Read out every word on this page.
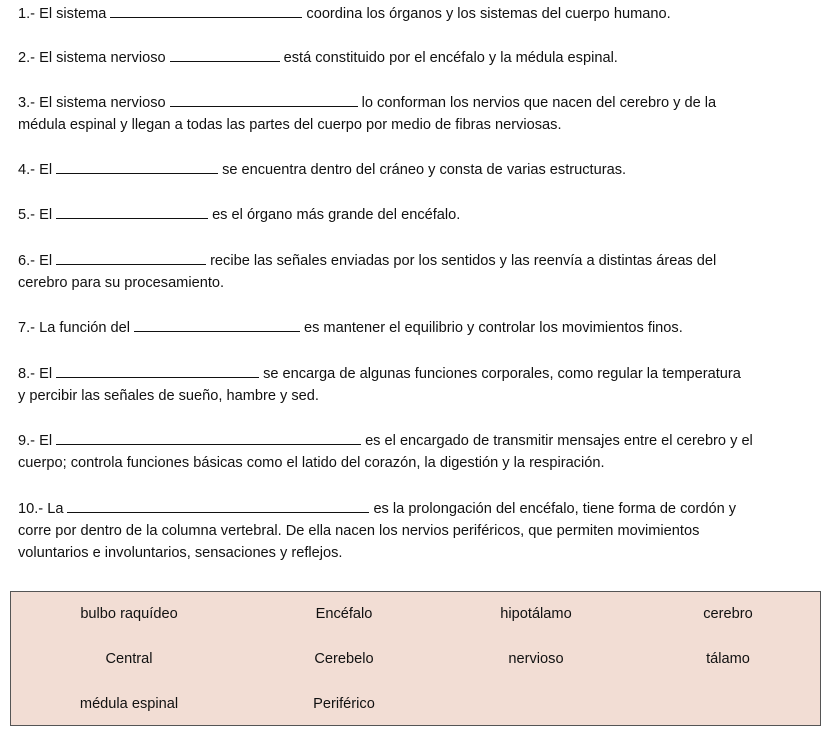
1.- El sistema	coordina los órganos y los sistemas del cuerpo humano.
2.- El sistema nervioso	está constituido por el encéfalo y la médula espinal.
3.- El sistema nervioso	lo conforman los nervios que nacen del cerebro y de la
médula espinal y llegan a todas las partes del cuerpo por medio de fibras nerviosas.
4.- El	se encuentra dentro del cráneo y consta de varias estructuras.
5.- El	es el órgano más grande del encéfalo.
6.- El	recibe las señales enviadas por los sentidos y las reenvía a distintas áreas del
cerebro para su procesamiento.
7.- La función del	es mantener el equilibrio y controlar los movimientos finos.
8.- El	se encarga de algunas funciones corporales, como regular la temperatura
y percibir las señales de sueño, hambre y sed.
9.- El	es el encargado de transmitir mensajes entre el cerebro y el
cuerpo; controla funciones básicas como el latido del corazón, la digestión y la respiración.
10.- La	es la prolongación del encéfalo, tiene forma de cordón y
corre por dentro de la columna vertebral. De ella nacen los nervios periféricos, que permiten movimientos
voluntarios e involuntarios, sensaciones y reflejos.
bulbo raquídeo	Encéfalo	hipotálamo	cerebro
Central	Cerebelo	nervioso	tálamo
médula espinal	Periférico
